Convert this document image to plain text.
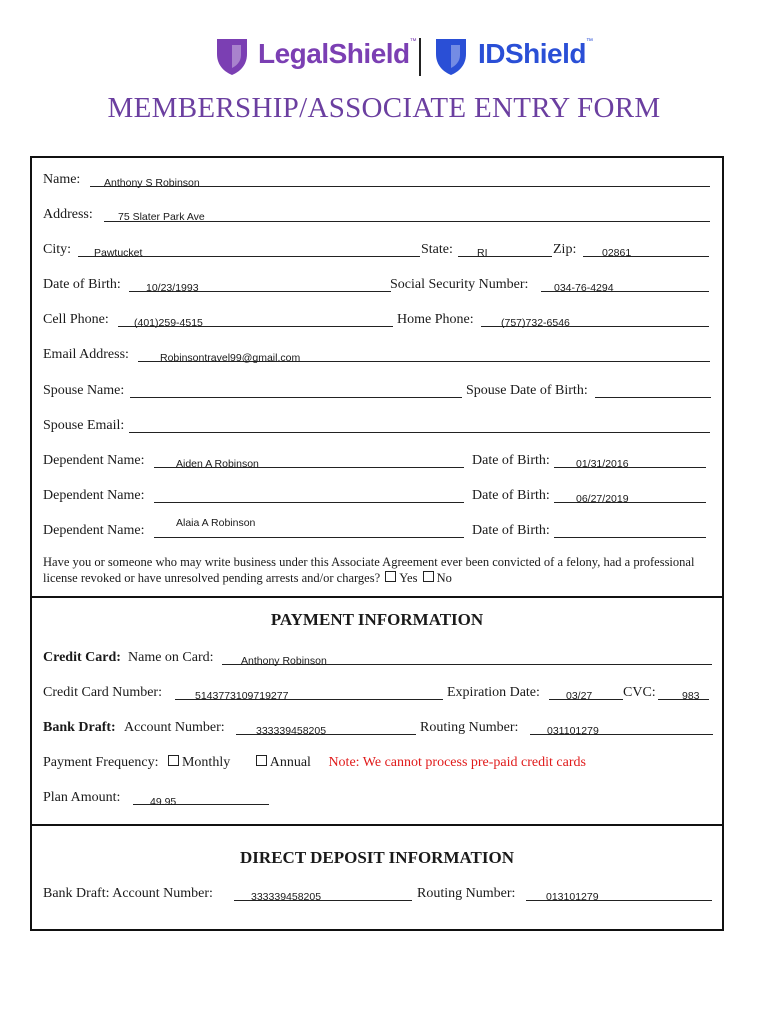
LegalShield™ IDShield™
MEMBERSHIP/ASSOCIATE ENTRY FORM
Name: Anthony S Robinson
Address: 75 Slater Park Ave
City: Pawtucket	State: RI	Zip: 02861
Date of Birth: 10/23/1993	Social Security Number: 034-76-4294
Cell Phone: (401)259-4515	Home Phone:	(757)732-6546
Email Address:	Robinsontravel99@gmail.com
Spouse Name:	Spouse Date of Birth:
Spouse Email:
Dependent Name:	Aiden A Robinson	Date of Birth: 01/31/2016
Dependent Name:	Date of Birth: 06/27/2019
Dependent Name:	Alaia A Robinson	Date of Birth:
Have you or someone who may write business under this Associate Agreement ever been convicted of a felony, had a professional
license revoked or have unresolved pending arrests and/or charges? Yes No
PAYMENT INFORMATION
Credit Card: Name on Card:	Anthony Robinson
Credit Card Number:	5143773109719277	Expiration Date: 03/27 CVC:	983
Bank Draft: Account Number:	333339458205	Routing Number:	031101279
Payment Frequency: Monthly	Annual Note: We cannot process pre-paid credit cards
Plan Amount:	49.95
DIRECT DEPOSIT INFORMATION
Bank Draft: Account Number:	333339458205	Routing Number:	013101279
